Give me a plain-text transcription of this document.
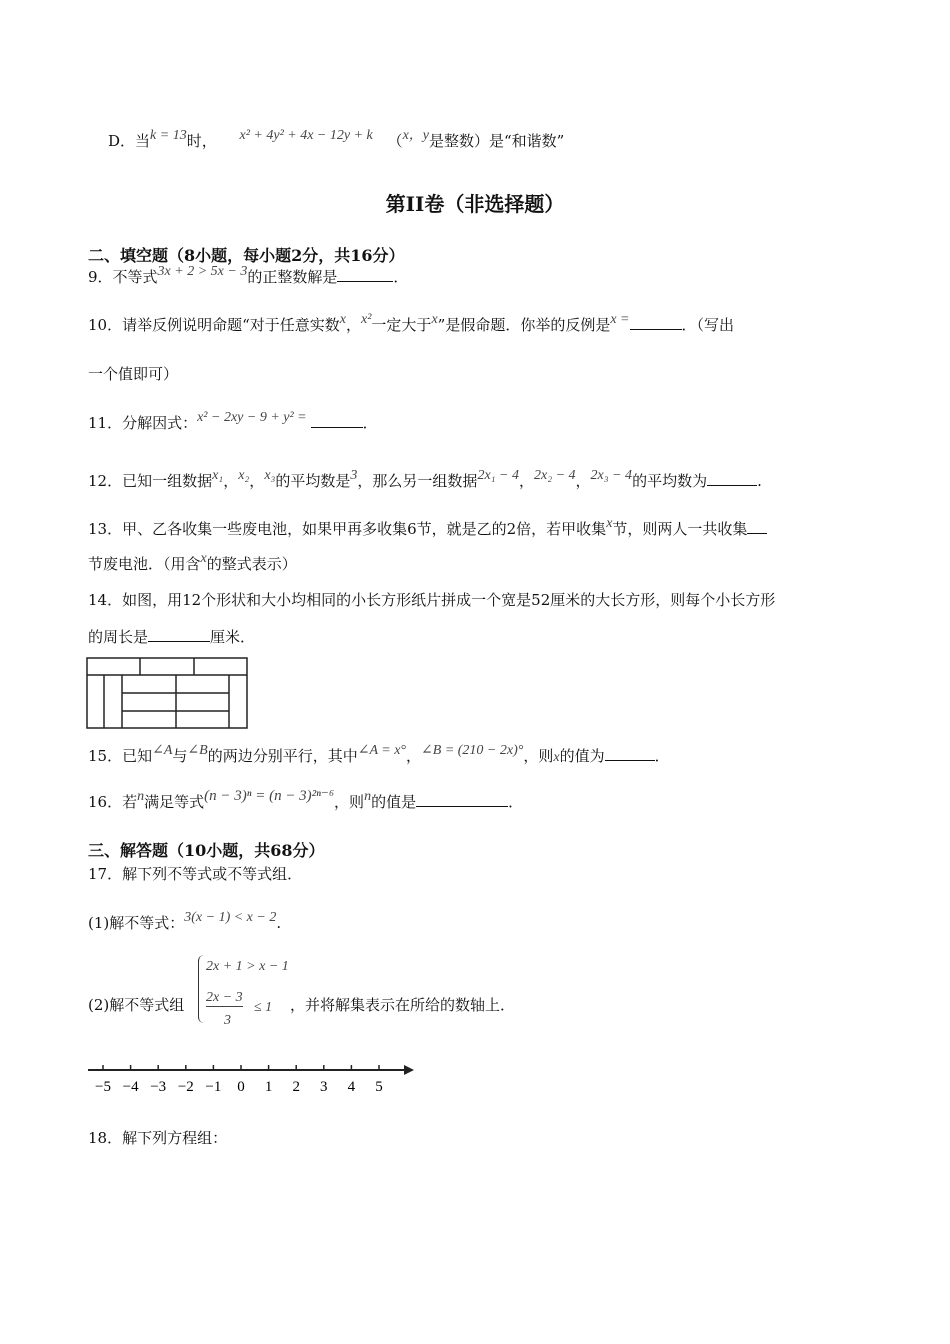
D．当k = 13时， x² + 4y² + 4x − 12y + k （x，y是整数）是“和谐数”
第II卷（非选择题）
二、填空题（8小题，每小题2分，共16分）
9．不等式3x + 2 > 5x − 3的正整数解是	．
10．请举反例说明命题“对于任意实数x，x²一定大于x”是假命题．你举的反例是x =	．（写出
一个值即可）
11．分解因式：x² − 2xy − 9 + y² =	．
12．已知一组数据x₁，x₂，x₃的平均数是3，那么另一组数据2x₁ − 4，2x₂ − 4，2x₃ − 4的平均数为	.
13．甲、乙各收集一些废电池，如果甲再多收集6节，就是乙的2倍，若甲收集x节，则两人一共收集
节废电池．（用含x的整式表示）
14．如图，用12个形状和大小均相同的小长方形纸片拼成一个宽是52厘米的大长方形，则每个小长方形
的周长是	厘米．
15．已知∠A与∠B的两边分别平行，其中∠A = x°，∠B = (210 − 2x)°，则x的值为	．
16．若n满足等式(n − 3)ⁿ = (n − 3)²ⁿ⁻⁶，则n的值是	．
三、解答题（10小题，共68分）
17．解下列不等式或不等式组．
(1)解不等式：3(x − 1) < x − 2.
(2)解不等式组
2x + 1 > x − 1
2x − 3
3
≤ 1 ，并将解集表示在所给的数轴上．
−5 −4 −3 −2 −1 0 1 2 3 4 5
18．解下列方程组：
